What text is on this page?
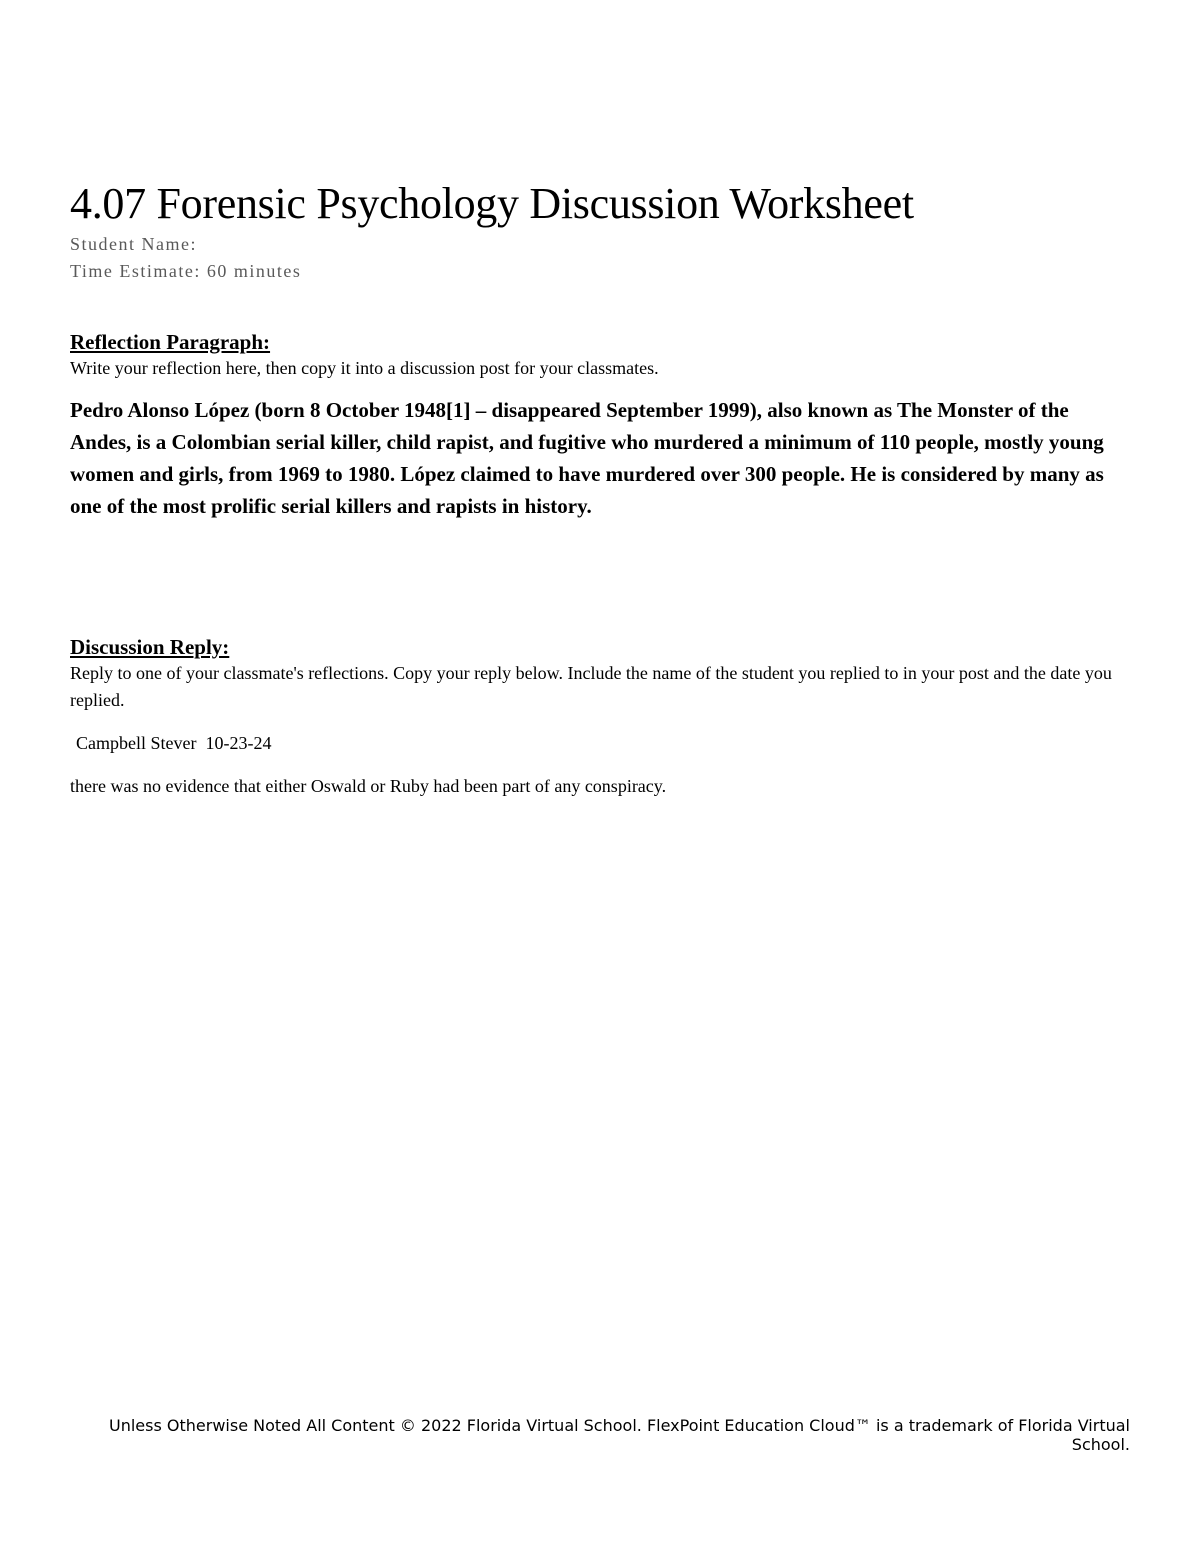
4.07 Forensic Psychology Discussion Worksheet

Student Name:

Time Estimate: 60 minutes

Reflection Paragraph:

Write your reflection here, then copy it into a discussion post for your classmates.

Pedro Alonso López (born 8 October 1948[1] – disappeared September 1999), also known as The Monster of the Andes, is a Colombian serial killer, child rapist, and fugitive who murdered a minimum of 110 people, mostly young women and girls, from 1969 to 1980. López claimed to have murdered over 300 people. He is considered by many as one of the most prolific serial killers and rapists in history.

Discussion Reply:

Reply to one of your classmate's reflections. Copy your reply below. Include the name of the student you replied to in your post and the date you replied.

Campbell Stever  10-23-24

there was no evidence that either Oswald or Ruby had been part of any conspiracy.

Unless Otherwise Noted All Content © 2022 Florida Virtual School. FlexPoint Education Cloud™ is a trademark of Florida Virtual School.
